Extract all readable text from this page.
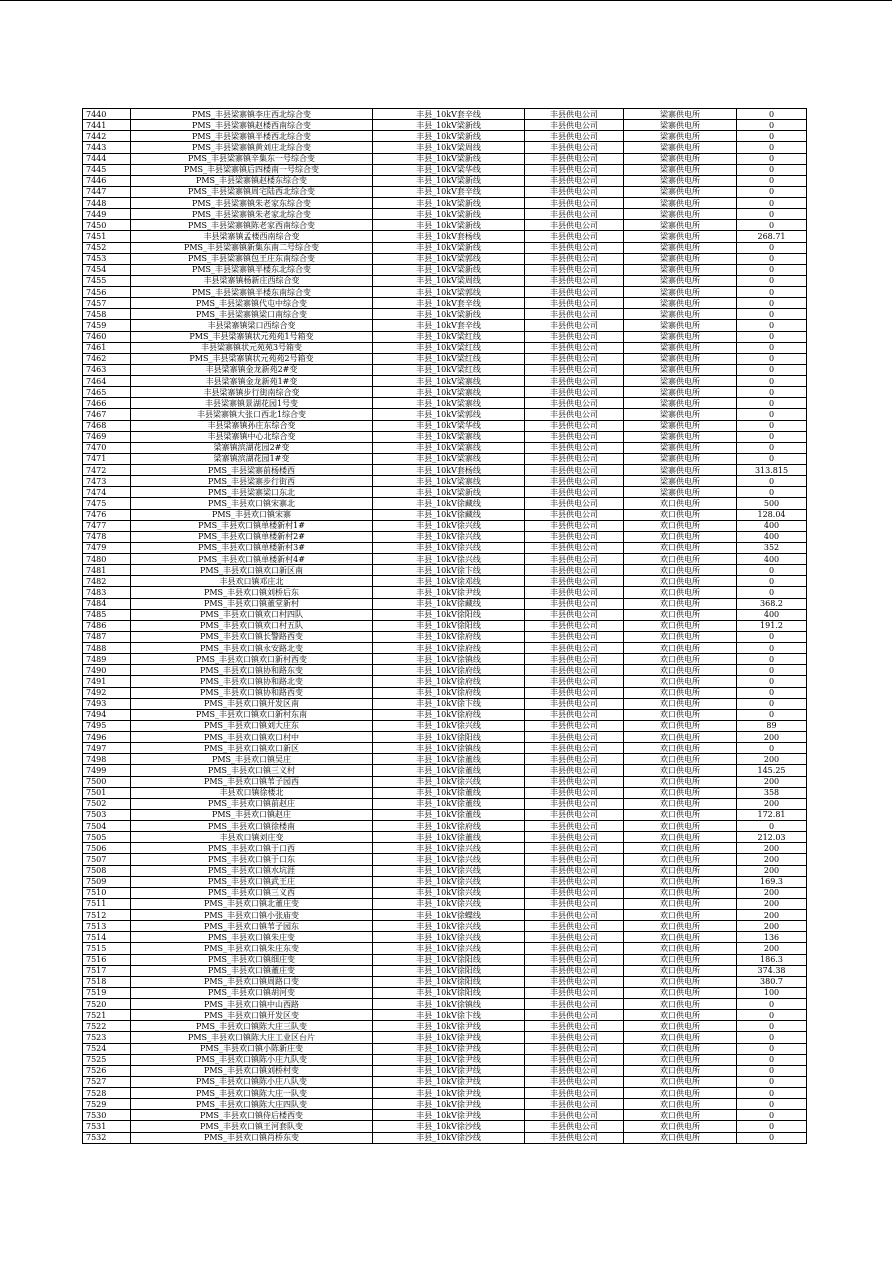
7440	PMS_丰县梁寨镇李庄西北综合变	丰县_10kV套辛线	丰县供电公司	梁寨供电所	0
7441	PMS_丰县梁寨镇赵楼西南综合变	丰县_10kV梁新线	丰县供电公司	梁寨供电所	0
7442	PMS_丰县梁寨镇半楼西北综合变	丰县_10kV梁新线	丰县供电公司	梁寨供电所	0
7443	PMS_丰县梁寨镇黄刘庄北综合变	丰县_10kV梁周线	丰县供电公司	梁寨供电所	0
7444	PMS_丰县梁寨镇辛集东一号综合变	丰县_10kV梁新线	丰县供电公司	梁寨供电所	0
7445	PMS_丰县梁寨镇后四楼南一号综合变	丰县_10kV梁华线	丰县供电公司	梁寨供电所	0
7446	PMS_丰县梁寨镇赵楼东综合变	丰县_10kV梁新线	丰县供电公司	梁寨供电所	0
7447	PMS_丰县梁寨镇周宅陆西北综合变	丰县_10kV套辛线	丰县供电公司	梁寨供电所	0
7448	PMS_丰县梁寨镇朱老家东综合变	丰县_10kV梁新线	丰县供电公司	梁寨供电所	0
7449	PMS_丰县梁寨镇朱老家北综合变	丰县_10kV梁新线	丰县供电公司	梁寨供电所	0
7450	PMS_丰县梁寨镇陈老家西南综合变	丰县_10kV梁新线	丰县供电公司	梁寨供电所	0
7451	丰县梁寨镇孟楼西南综合变	丰县_10kV套杨线	丰县供电公司	梁寨供电所	268.71
7452	PMS_丰县梁寨镇新集东南二号综合变	丰县_10kV梁新线	丰县供电公司	梁寨供电所	0
7453	PMS_丰县梁寨镇包王庄东南综合变	丰县_10kV梁郭线	丰县供电公司	梁寨供电所	0
7454	PMS_丰县梁寨镇半楼东北综合变	丰县_10kV梁新线	丰县供电公司	梁寨供电所	0
7455	丰县梁寨镇杨新庄西综合变	丰县_10kV梁周线	丰县供电公司	梁寨供电所	0
7456	PMS_丰县梁寨镇半楼东南综合变	丰县_10kV梁郭线	丰县供电公司	梁寨供电所	0
7457	PMS_丰县梁寨镇代屯中综合变	丰县_10kV套辛线	丰县供电公司	梁寨供电所	0
7458	PMS_丰县梁寨镇梁口南综合变	丰县_10kV梁新线	丰县供电公司	梁寨供电所	0
7459	丰县梁寨镇梁口西综合变	丰县_10kV套辛线	丰县供电公司	梁寨供电所	0
7460	PMS_丰县梁寨镇状元苑苑1号箱变	丰县_10kV梁红线	丰县供电公司	梁寨供电所	0
7461	丰县梁寨镇状元苑苑3号箱变	丰县_10kV梁红线	丰县供电公司	梁寨供电所	0
7462	PMS_丰县梁寨镇状元苑苑2号箱变	丰县_10kV梁红线	丰县供电公司	梁寨供电所	0
7463	丰县梁寨镇金龙新苑2#变	丰县_10kV梁红线	丰县供电公司	梁寨供电所	0
7464	丰县梁寨镇金龙新苑1#变	丰县_10kV梁寨线	丰县供电公司	梁寨供电所	0
7465	丰县梁寨镇步行街南综合变	丰县_10kV梁寨线	丰县供电公司	梁寨供电所	0
7466	丰县梁寨镇景湖花园1号变	丰县_10kV梁寨线	丰县供电公司	梁寨供电所	0
7467	丰县梁寨镇大张口西北1综合变	丰县_10kV梁郭线	丰县供电公司	梁寨供电所	0
7468	丰县梁寨镇孙庄东综合变	丰县_10kV梁华线	丰县供电公司	梁寨供电所	0
7469	丰县梁寨镇中心北综合变	丰县_10kV梁寨线	丰县供电公司	梁寨供电所	0
7470	梁寨镇滨湖花园2#变	丰县_10kV梁寨线	丰县供电公司	梁寨供电所	0
7471	梁寨镇滨湖花园1#变	丰县_10kV梁寨线	丰县供电公司	梁寨供电所	0
7472	PMS_丰县梁寨前杨楼西	丰县_10kV套杨线	丰县供电公司	梁寨供电所	313.815
7473	PMS_丰县梁寨步行街西	丰县_10kV梁寨线	丰县供电公司	梁寨供电所	0
7474	PMS_丰县梁寨梁口东北	丰县_10kV梁新线	丰县供电公司	梁寨供电所	0
7475	PMS_丰县欢口镇宋寨北	丰县_10kV徐藏线	丰县供电公司	欢口供电所	500
7476	PMS_丰县欢口镇宋寨	丰县_10kV徐藏线	丰县供电公司	欢口供电所	128.04
7477	PMS_丰县欢口镇单楼新村1#	丰县_10kV徐兴线	丰县供电公司	欢口供电所	400
7478	PMS_丰县欢口镇单楼新村2#	丰县_10kV徐兴线	丰县供电公司	欢口供电所	400
7479	PMS_丰县欢口镇单楼新村3#	丰县_10kV徐兴线	丰县供电公司	欢口供电所	352
7480	PMS_丰县欢口镇单楼新村4#	丰县_10kV徐兴线	丰县供电公司	欢口供电所	400
7481	PMS_丰县欢口镇欢口新区南	丰县_10kV徐卞线	丰县供电公司	欢口供电所	0
7482	丰县欢口镇邓庄北	丰县_10kV徐邓线	丰县供电公司	欢口供电所	0
7483	PMS_丰县欢口镇刘桥后东	丰县_10kV徐尹线	丰县供电公司	欢口供电所	0
7484	PMS_丰县欢口镇董堂新村	丰县_10kV徐藏线	丰县供电公司	欢口供电所	368.2
7485	PMS_丰县欢口镇欢口村四队	丰县_10kV徐阳线	丰县供电公司	欢口供电所	400
7486	PMS_丰县欢口镇欢口村五队	丰县_10kV徐阳线	丰县供电公司	欢口供电所	191.2
7487	PMS_丰县欢口镇长警路西变	丰县_10kV徐府线	丰县供电公司	欢口供电所	0
7488	PMS_丰县欢口镇永安路北变	丰县_10kV徐府线	丰县供电公司	欢口供电所	0
7489	PMS_丰县欢口镇欢口新村西变	丰县_10kV徐镇线	丰县供电公司	欢口供电所	0
7490	PMS_丰县欢口镇协和路东变	丰县_10kV徐府线	丰县供电公司	欢口供电所	0
7491	PMS_丰县欢口镇协和路北变	丰县_10kV徐府线	丰县供电公司	欢口供电所	0
7492	PMS_丰县欢口镇协和路西变	丰县_10kV徐府线	丰县供电公司	欢口供电所	0
7493	PMS_丰县欢口镇开发区南	丰县_10kV徐卞线	丰县供电公司	欢口供电所	0
7494	PMS_丰县欢口镇欢口新村东南	丰县_10kV徐府线	丰县供电公司	欢口供电所	0
7495	PMS_丰县欢口镇刘大庄东	丰县_10kV徐兴线	丰县供电公司	欢口供电所	89
7496	PMS_丰县欢口镇欢口村中	丰县_10kV徐阳线	丰县供电公司	欢口供电所	200
7497	PMS_丰县欢口镇欢口新区	丰县_10kV徐镇线	丰县供电公司	欢口供电所	0
7498	PMS_丰县欢口镇吴庄	丰县_10kV徐董线	丰县供电公司	欢口供电所	200
7499	PMS_丰县欢口镇三义村	丰县_10kV徐董线	丰县供电公司	欢口供电所	145.25
7500	PMS_丰县欢口镇苇子园西	丰县_10kV徐兴线	丰县供电公司	欢口供电所	200
7501	丰县欢口镇徐楼北	丰县_10kV徐董线	丰县供电公司	欢口供电所	358
7502	PMS_丰县欢口镇前赵庄	丰县_10kV徐董线	丰县供电公司	欢口供电所	200
7503	PMS_丰县欢口镇赵庄	丰县_10kV徐董线	丰县供电公司	欢口供电所	172.81
7504	PMS_丰县欢口镇徐楼南	丰县_10kV徐府线	丰县供电公司	欢口供电所	0
7505	丰县欢口镇刘庄变	丰县_10kV徐董线	丰县供电公司	欢口供电所	212.03
7506	PMS_丰县欢口镇于口西	丰县_10kV徐兴线	丰县供电公司	欢口供电所	200
7507	PMS_丰县欢口镇于口东	丰县_10kV徐兴线	丰县供电公司	欢口供电所	200
7508	PMS_丰县欢口镇水坑涯	丰县_10kV徐兴线	丰县供电公司	欢口供电所	200
7509	PMS_丰县欢口镇武王庄	丰县_10kV徐兴线	丰县供电公司	欢口供电所	169.3
7510	PMS_丰县欢口镇三义西	丰县_10kV徐兴线	丰县供电公司	欢口供电所	200
7511	PMS_丰县欢口镇北董庄变	丰县_10kV徐兴线	丰县供电公司	欢口供电所	200
7512	PMS_丰县欢口镇小张庙变	丰县_10kV徐蝶线	丰县供电公司	欢口供电所	200
7513	PMS_丰县欢口镇苇子园东	丰县_10kV徐兴线	丰县供电公司	欢口供电所	200
7514	PMS_丰县欢口镇朱庄变	丰县_10kV徐兴线	丰县供电公司	欢口供电所	136
7515	PMS_丰县欢口镇朱庄东变	丰县_10kV徐兴线	丰县供电公司	欢口供电所	200
7516	PMS_丰县欢口镇细庄变	丰县_10kV徐阳线	丰县供电公司	欢口供电所	186.3
7517	PMS_丰县欢口镇董庄变	丰县_10kV徐阳线	丰县供电公司	欢口供电所	374.38
7518	PMS_丰县欢口镇周路口变	丰县_10kV徐阳线	丰县供电公司	欢口供电所	380.7
7519	PMS_丰县欢口镇胡河变	丰县_10kV徐阳线	丰县供电公司	欢口供电所	100
7520	PMS_丰县欢口镇中山西路	丰县_10kV徐镇线	丰县供电公司	欢口供电所	0
7521	PMS_丰县欢口镇开发区变	丰县_10kV徐卞线	丰县供电公司	欢口供电所	0
7522	PMS_丰县欢口镇陈大庄三队变	丰县_10kV徐尹线	丰县供电公司	欢口供电所	0
7523	PMS_丰县欢口镇陈大庄工业区台片	丰县_10kV徐尹线	丰县供电公司	欢口供电所	0
7524	PMS_丰县欢口镇小陈新庄变	丰县_10kV徐尹线	丰县供电公司	欢口供电所	0
7525	PMS_丰县欢口镇陈小庄九队变	丰县_10kV徐尹线	丰县供电公司	欢口供电所	0
7526	PMS_丰县欢口镇刘桥村变	丰县_10kV徐尹线	丰县供电公司	欢口供电所	0
7527	PMS_丰县欢口镇陈小庄八队变	丰县_10kV徐尹线	丰县供电公司	欢口供电所	0
7528	PMS_丰县欢口镇陈大庄一队变	丰县_10kV徐尹线	丰县供电公司	欢口供电所	0
7529	PMS_丰县欢口镇陈大庄四队变	丰县_10kV徐尹线	丰县供电公司	欢口供电所	0
7530	PMS_丰县欢口镇侍后楼西变	丰县_10kV徐尹线	丰县供电公司	欢口供电所	0
7531	PMS_丰县欢口镇王河套队变	丰县_10kV徐沙线	丰县供电公司	欢口供电所	0
7532	PMS_丰县欢口镇肖桥东变	丰县_10kV徐沙线	丰县供电公司	欢口供电所	0
